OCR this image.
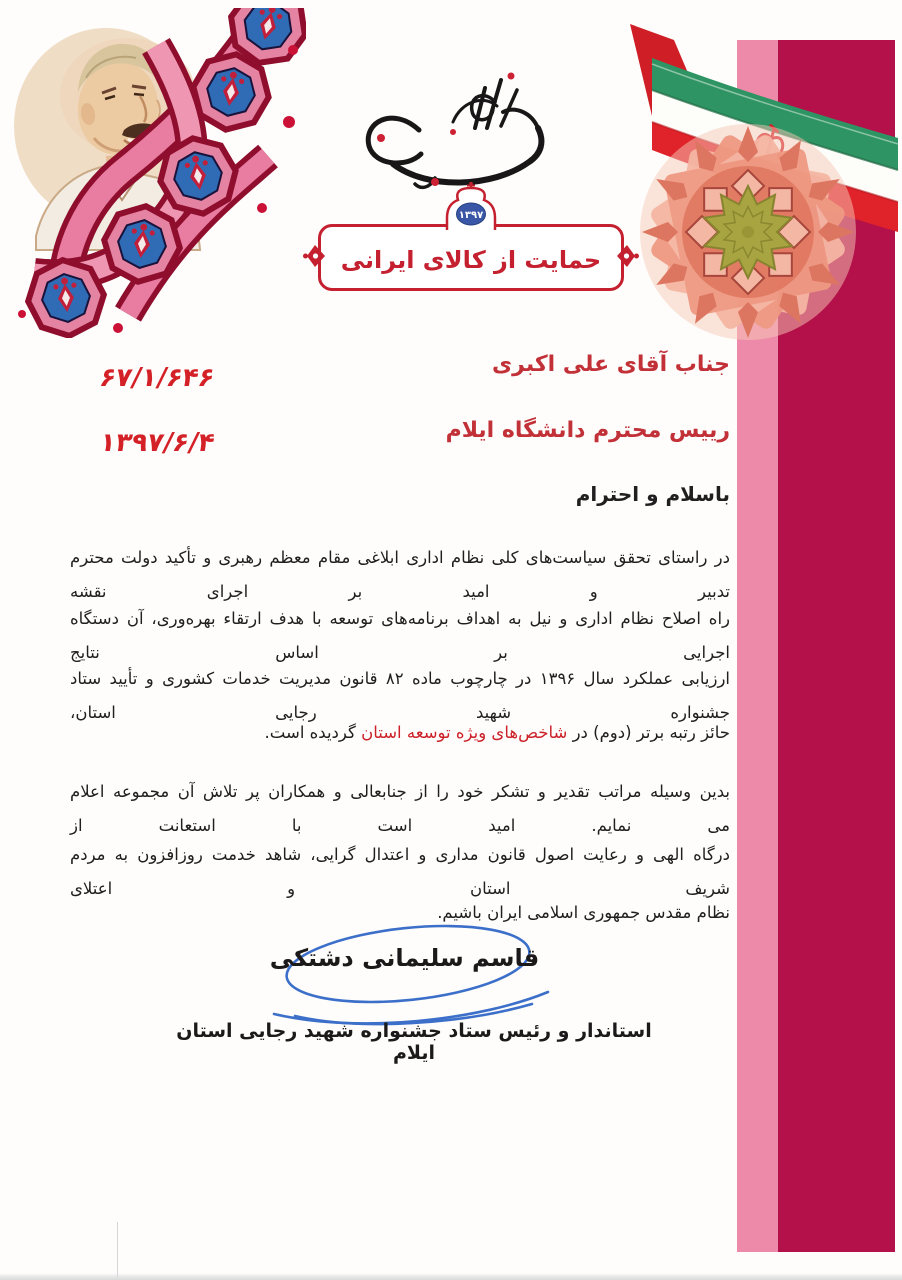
حمایت از کالای ایرانی
۱۳۹۷
۶۷/۱/۶۴۶
۱۳۹۷/۶/۴
جناب آقای علی اکبری
رییس محترم دانشگاه ایلام
باسلام و احترام
در راستای تحقق سیاست‌های کلی نظام اداری ابلاغی مقام معظم رهبری و تأکید دولت محترم تدبیر و امید بر اجرای نقشه
راه اصلاح نظام اداری و نیل به اهداف برنامه‌های توسعه با هدف ارتقاء بهره‌وری، آن دستگاه اجرایی بر اساس نتایج
ارزیابی عملکرد سال ۱۳۹۶ در چارچوب ماده ۸۲ قانون مدیریت خدمات کشوری و تأیید ستاد جشنواره شهید رجایی استان،
حائز رتبه برتر (دوم) در شاخص‌های ویژه توسعه استان گردیده است.
بدین وسیله مراتب تقدیر و تشکر خود را از جنابعالی و همکاران پر تلاش آن مجموعه اعلام می نمایم. امید است با استعانت از
درگاه الهی و رعایت اصول قانون مداری و اعتدال گرایی، شاهد خدمت روزافزون به مردم شریف استان و اعتلای
نظام مقدس جمهوری اسلامی ایران باشیم.
قاسم سلیمانی دشتکی
استاندار و رئیس ستاد جشنواره شهید رجایی استان ایلام
